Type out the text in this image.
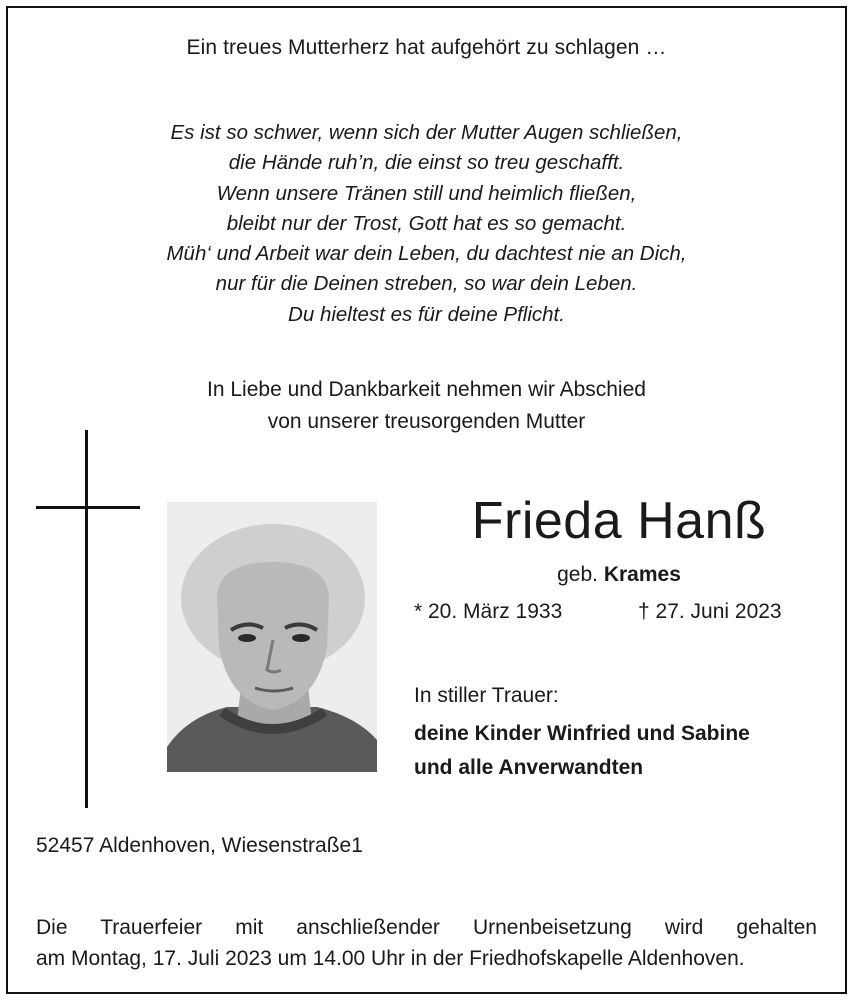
Ein treues Mutterherz hat aufgehört zu schlagen …
Es ist so schwer, wenn sich der Mutter Augen schließen,
die Hände ruh’n, die einst so treu geschafft.
Wenn unsere Tränen still und heimlich fließen,
bleibt nur der Trost, Gott hat es so gemacht.
Müh‘ und Arbeit war dein Leben, du dachtest nie an Dich,
nur für die Deinen streben, so war dein Leben.
Du hieltest es für deine Pflicht.
In Liebe und Dankbarkeit nehmen wir Abschied
von unserer treusorgenden Mutter
Frieda Hanß
geb. Krames
* 20. März 1933	† 27. Juni 2023
In stiller Trauer:
deine Kinder Winfried und Sabine
und alle Anverwandten
52457 Aldenhoven, Wiesenstraße1
Die Trauerfeier mit anschließender Urnenbeisetzung wird gehalten
am Montag, 17. Juli 2023 um 14.00 Uhr in der Friedhofskapelle Aldenhoven.
